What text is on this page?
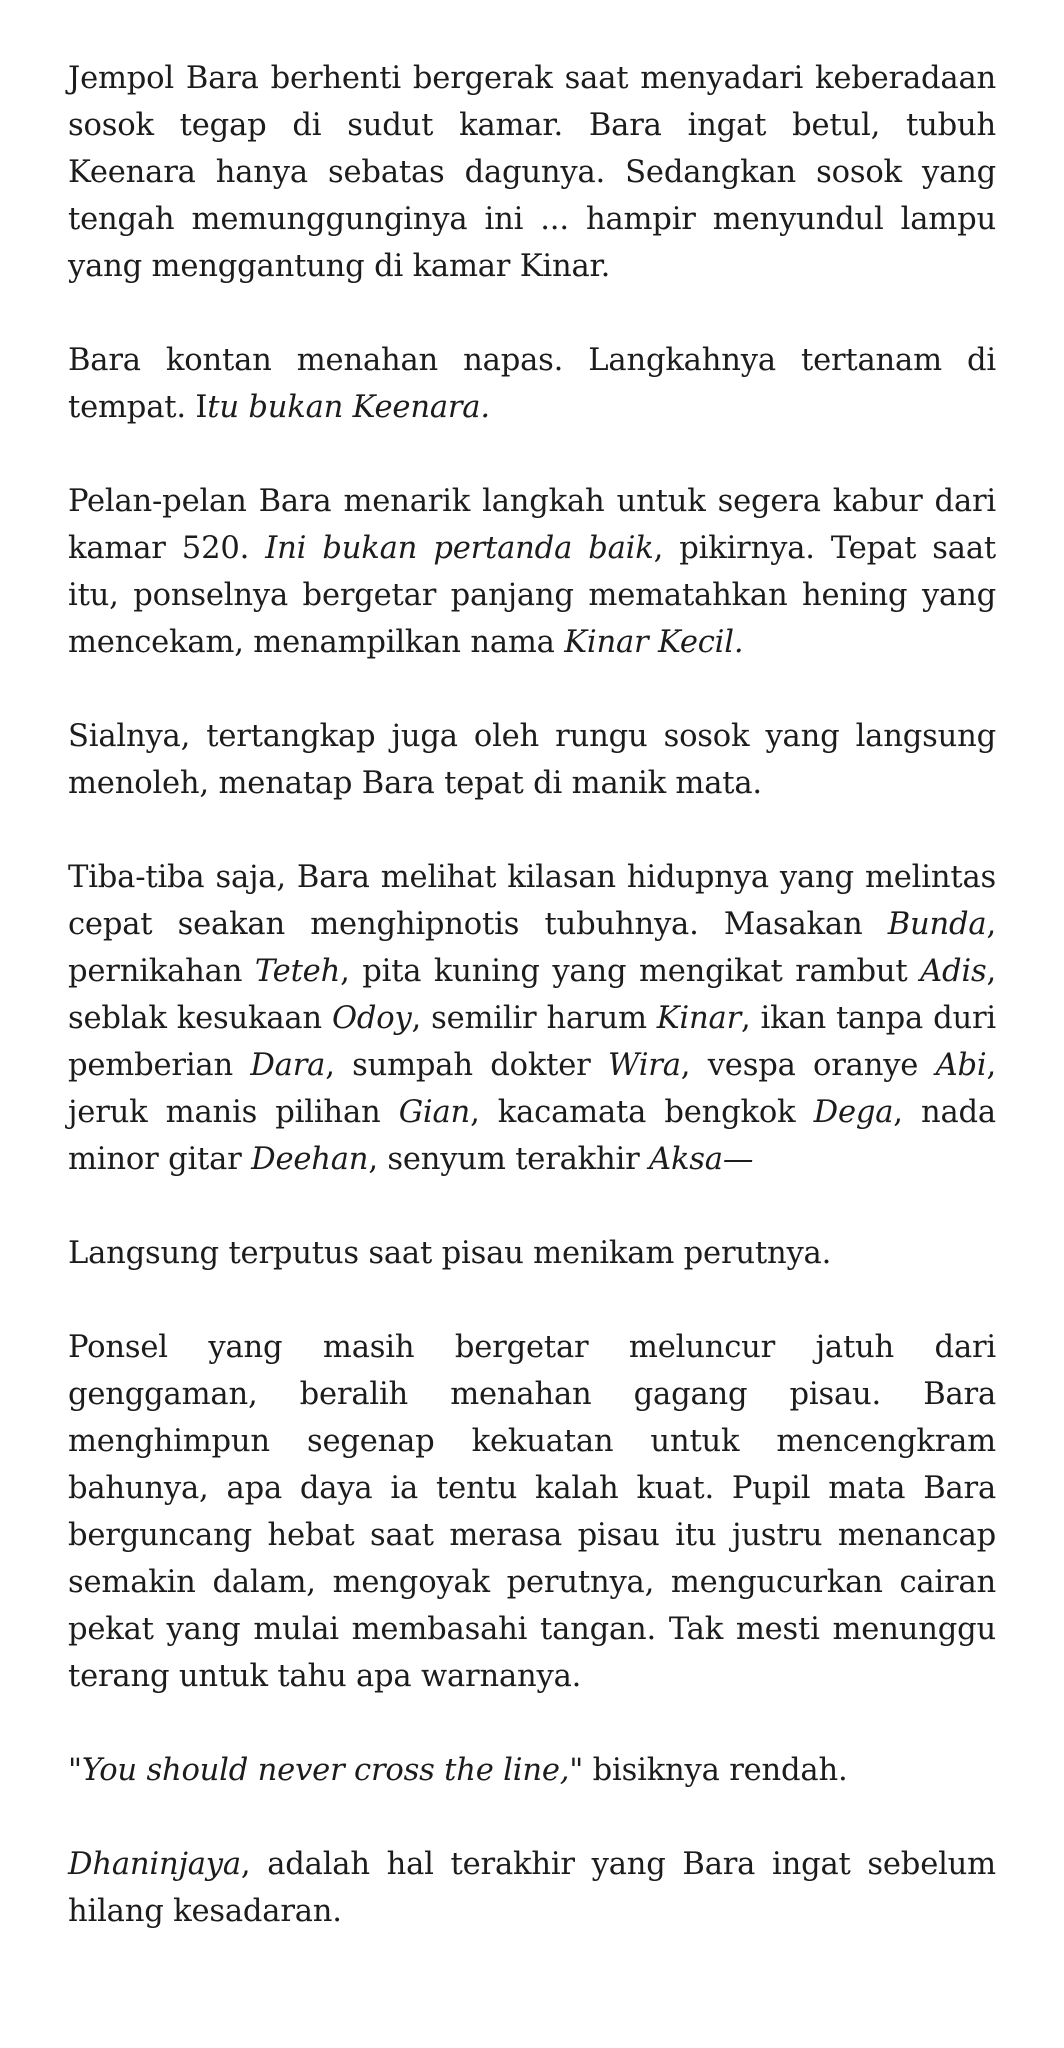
Jempol Bara berhenti bergerak saat menyadari keberadaan sosok tegap di sudut kamar. Bara ingat betul, tubuh Keenara hanya sebatas dagunya. Sedangkan sosok yang tengah memunggunginya ini ... hampir menyundul lampu yang menggantung di kamar Kinar.

Bara kontan menahan napas. Langkahnya tertanam di tempat. Itu bukan Keenara.

Pelan-pelan Bara menarik langkah untuk segera kabur dari kamar 520. Ini bukan pertanda baik, pikirnya. Tepat saat itu, ponselnya bergetar panjang mematahkan hening yang mencekam, menampilkan nama Kinar Kecil.

Sialnya, tertangkap juga oleh rungu sosok yang langsung menoleh, menatap Bara tepat di manik mata.

Tiba-tiba saja, Bara melihat kilasan hidupnya yang melintas cepat seakan menghipnotis tubuhnya. Masakan Bunda, pernikahan Teteh, pita kuning yang mengikat rambut Adis, seblak kesukaan Odoy, semilir harum Kinar, ikan tanpa duri pemberian Dara, sumpah dokter Wira, vespa oranye Abi, jeruk manis pilihan Gian, kacamata bengkok Dega, nada minor gitar Deehan, senyum terakhir Aksa—

Langsung terputus saat pisau menikam perutnya.

Ponsel yang masih bergetar meluncur jatuh dari genggaman, beralih menahan gagang pisau. Bara menghimpun segenap kekuatan untuk mencengkram bahunya, apa daya ia tentu kalah kuat. Pupil mata Bara berguncang hebat saat merasa pisau itu justru menancap semakin dalam, mengoyak perutnya, mengucurkan cairan pekat yang mulai membasahi tangan. Tak mesti menunggu terang untuk tahu apa warnanya.

"You should never cross the line," bisiknya rendah.

Dhaninjaya, adalah hal terakhir yang Bara ingat sebelum hilang kesadaran.
